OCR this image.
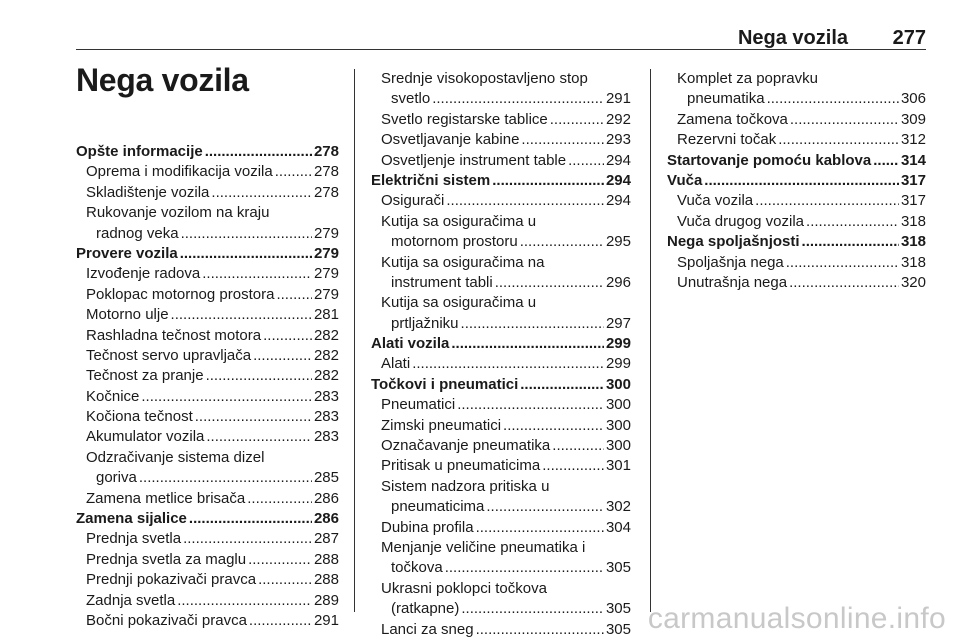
Nega vozila 277
Nega vozila
Opšte informacije .....	278
Oprema i modifikacija vozila .....	278
Skladištenje vozila .....	278
Rukovanje vozilom na kraju
radnog veka .....	279
Provere vozila .....	279
Izvođenje radova .....	279
Poklopac motornog prostora .....	279
Motorno ulje .....	281
Rashladna tečnost motora .....	282
Tečnost servo upravljača .....	282
Tečnost za pranje .....	282
Kočnice .....	283
Kočiona tečnost .....	283
Akumulator vozila .....	283
Odzračivanje sistema dizel
goriva .....	285
Zamena metlice brisača .....	286
Zamena sijalice .....	286
Prednja svetla .....	287
Prednja svetla za maglu .....	288
Prednji pokazivači pravca .....	288
Zadnja svetla .....	289
Bočni pokazivači pravca .....	291
Srednje visokopostavljeno stop
svetlo .....	291
Svetlo registarske tablice .....	292
Osvetljavanje kabine .....	293
Osvetljenje instrument table .....	294
Električni sistem .....	294
Osigurači .....	294
Kutija sa osiguračima u
motornom prostoru .....	295
Kutija sa osiguračima na
instrument tabli .....	296
Kutija sa osiguračima u
prtljažniku .....	297
Alati vozila .....	299
Alati .....	299
Točkovi i pneumatici .....	300
Pneumatici .....	300
Zimski pneumatici .....	300
Označavanje pneumatika .....	300
Pritisak u pneumaticima .....	301
Sistem nadzora pritiska u
pneumaticima .....	302
Dubina profila .....	304
Menjanje veličine pneumatika i
točkova .....	305
Ukrasni poklopci točkova
(ratkapne) .....	305
Lanci za sneg .....	305
Komplet za popravku
pneumatika .....	306
Zamena točkova .....	309
Rezervni točak .....	312
Startovanje pomoću kablova ..... 314
Vuča .....	317
Vuča vozila .....	317
Vuča drugog vozila .....	318
Nega spoljašnjosti .....	318
Spoljašnja nega .....	318
Unutrašnja nega .....	320
carmanualsonline.info
